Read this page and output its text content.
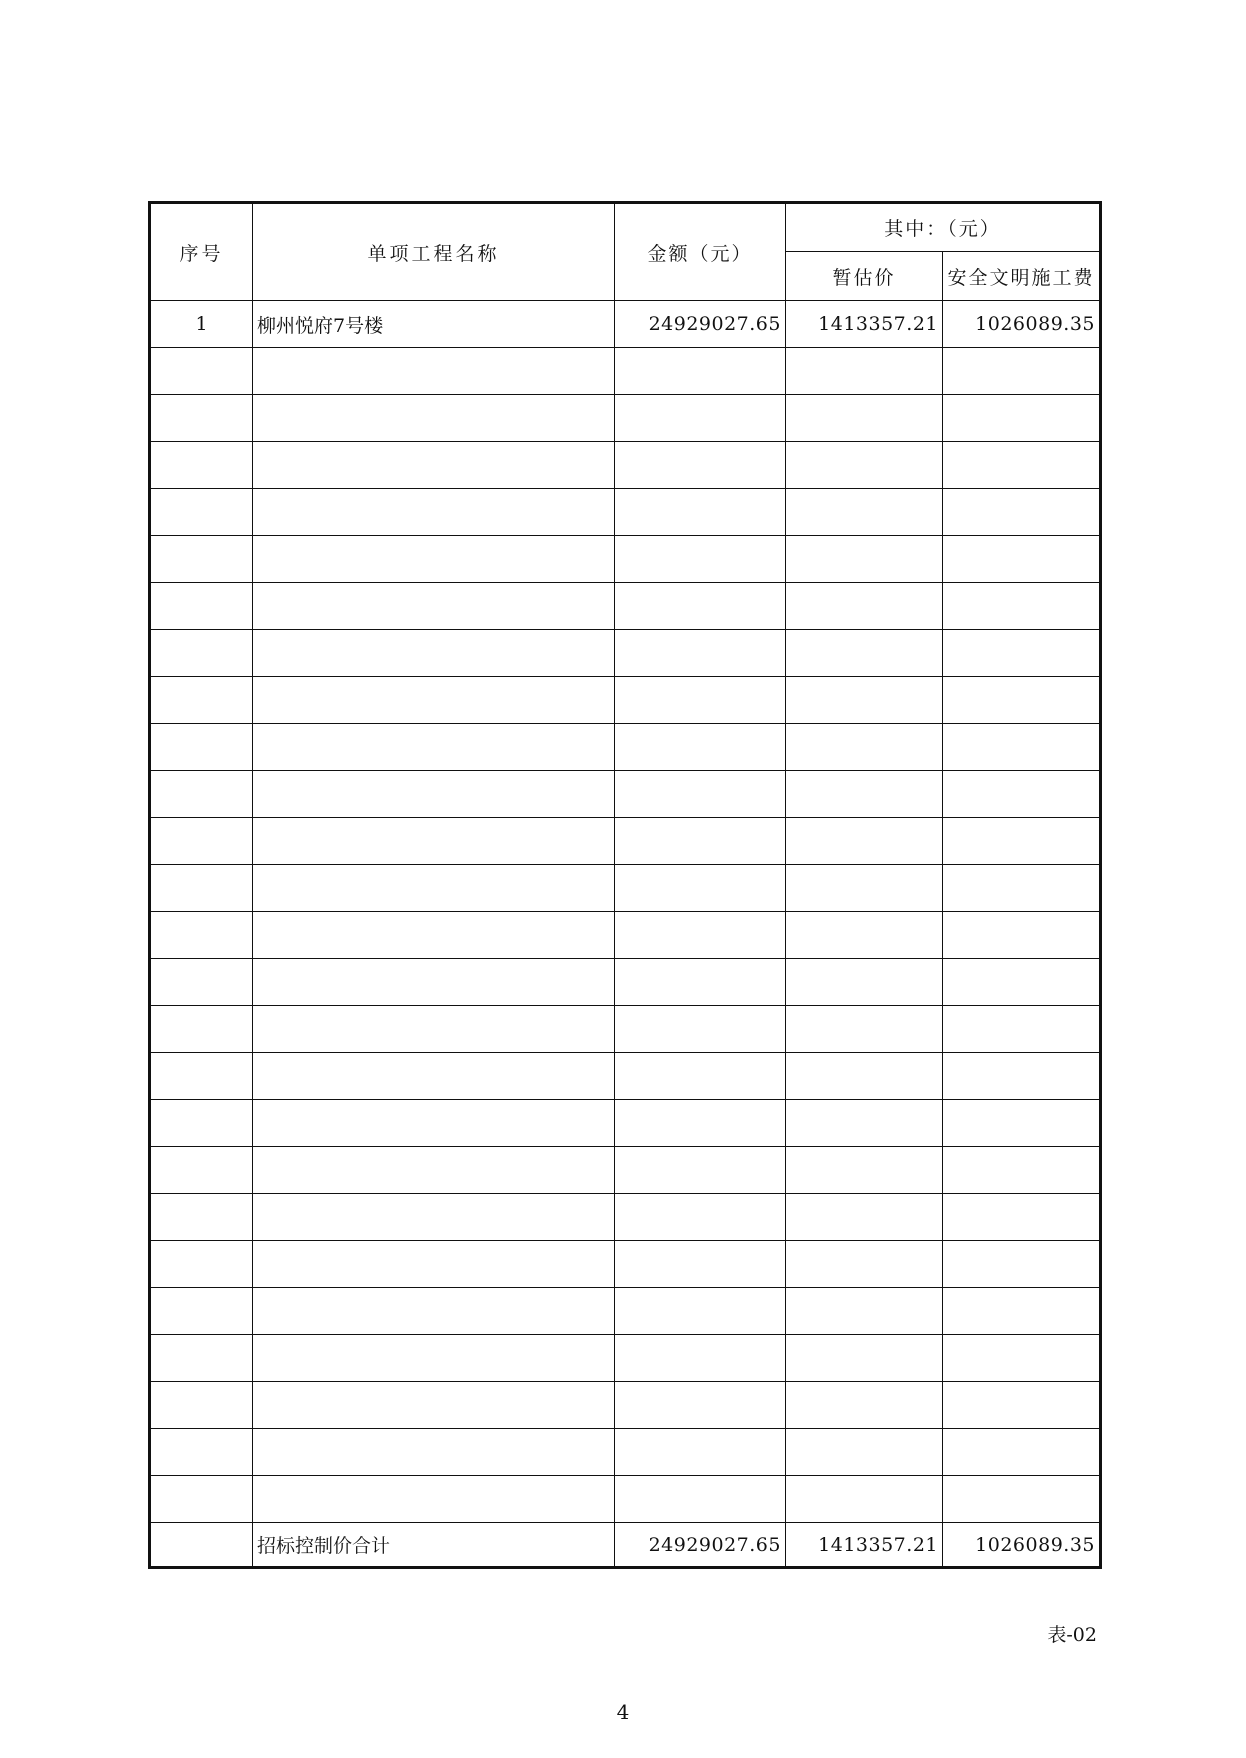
序号	单项工程名称	金额（元）	其中：（元）	
			暂估价	安全文明施工费
1	柳州悦府7号楼	24929027.65	1413357.21	1026089.35

	招标控制价合计	24929027.65	1413357.21	1026089.35
表-02
4
